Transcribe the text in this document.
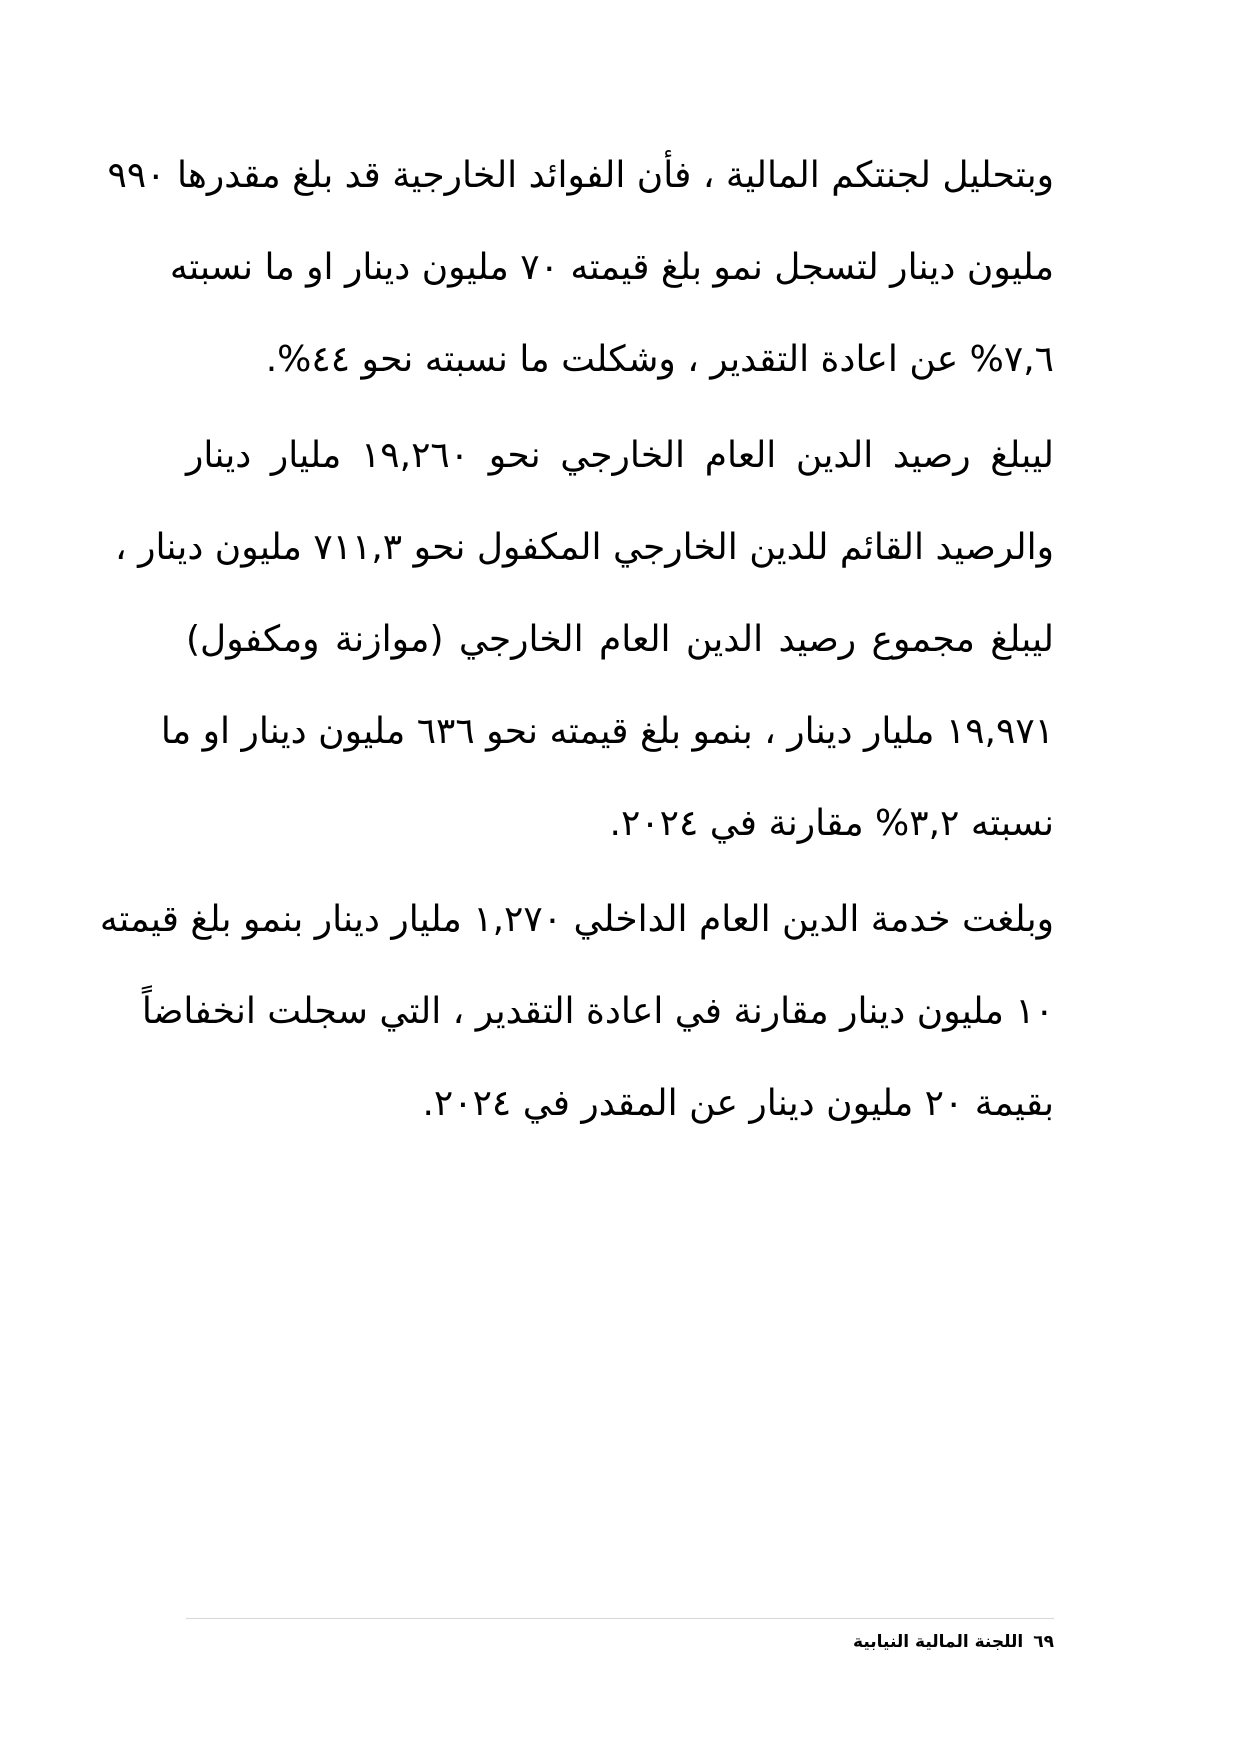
وبتحليل لجنتكم المالية ، فأن الفوائد الخارجية قد بلغ مقدرها ٩٩٠
مليون دينار لتسجل نمو بلغ قيمته ٧٠ مليون دينار او ما نسبته
٧,٦% عن اعادة التقدير ، وشكلت ما نسبته نحو ٤٤%.
ليبلغ رصيد الدين العام الخارجي نحو ١٩,٢٦٠ مليار دينار
والرصيد القائم للدين الخارجي المكفول نحو ٧١١,٣ مليون دينار ،
ليبلغ مجموع رصيد الدين العام الخارجي (موازنة ومكفول)
١٩,٩٧١ مليار دينار ، بنمو بلغ قيمته نحو ٦٣٦ مليون دينار او ما
نسبته ٣,٢% مقارنة في ٢٠٢٤.
وبلغت خدمة الدين العام الداخلي ١,٢٧٠ مليار دينار بنمو بلغ قيمته
١٠ مليون دينار مقارنة في اعادة التقدير ، التي سجلت انخفاضاً
بقيمة ٢٠ مليون دينار عن المقدر في ٢٠٢٤.
٦٩اللجنة المالية النيابية
